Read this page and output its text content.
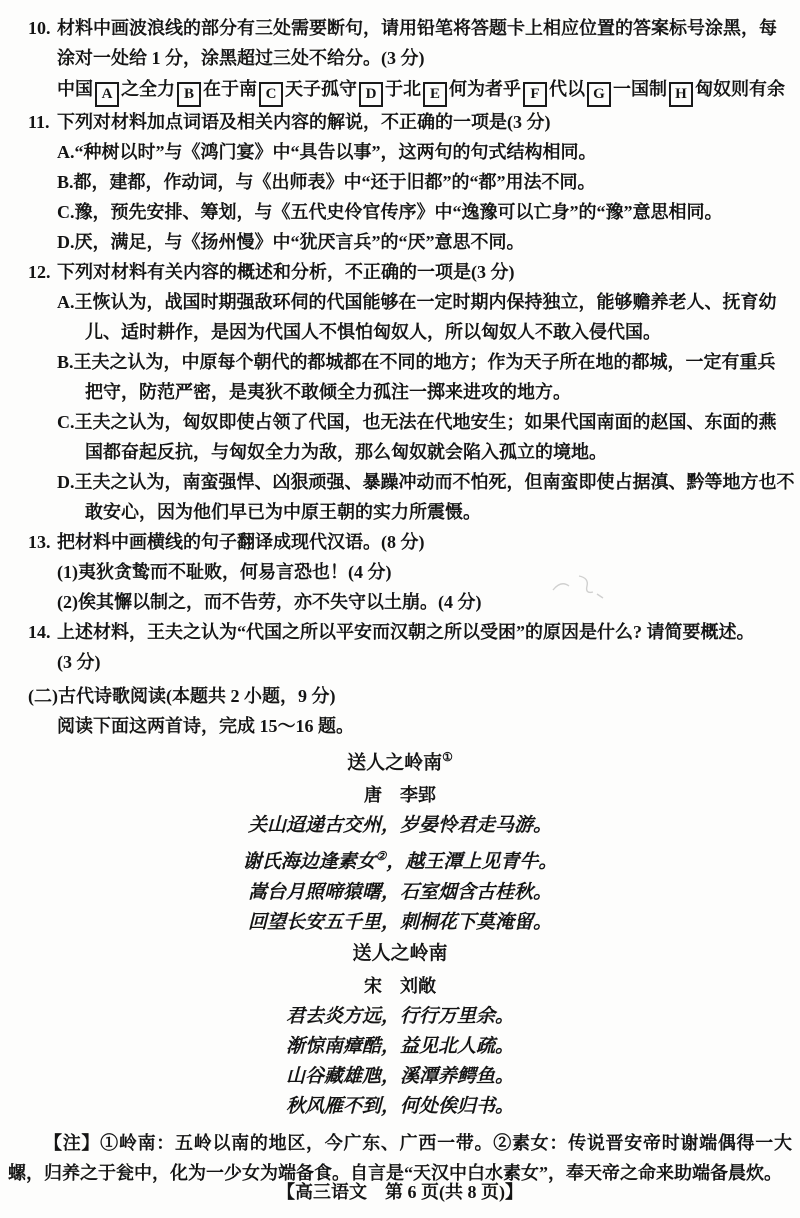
10. 材料中画波浪线的部分有三处需要断句，请用铅笔将答题卡上相应位置的答案标号涂黑，每
涂对一处给 1 分，涂黑超过三处不给分。(3 分)
中国 A 之全力 B 在于南 C 天子孤守 D 于北 E 何为者乎 F 代以 G 一国制 H 匈奴则有余
11. 下列对材料加点词语及相关内容的解说，不正确的一项是(3 分)
A.“种树以时”与《鸿门宴》中“具告以事”，这两句的句式结构相同。
B.都，建都，作动词，与《出师表》中“还于旧都”的“都”用法不同。
C.豫，预先安排、筹划，与《五代史伶官传序》中“逸豫可以亡身”的“豫”意思相同。
D.厌，满足，与《扬州慢》中“犹厌言兵”的“厌”意思不同。
12. 下列对材料有关内容的概述和分析，不正确的一项是(3 分)
A.王恢认为，战国时期强敌环伺的代国能够在一定时期内保持独立，能够赡养老人、抚育幼
儿、适时耕作，是因为代国人不惧怕匈奴人，所以匈奴人不敢入侵代国。
B.王夫之认为，中原每个朝代的都城都在不同的地方；作为天子所在地的都城，一定有重兵
把守，防范严密，是夷狄不敢倾全力孤注一掷来进攻的地方。
C.王夫之认为，匈奴即使占领了代国，也无法在代地安生；如果代国南面的赵国、东面的燕
国都奋起反抗，与匈奴全力为敌，那么匈奴就会陷入孤立的境地。
D.王夫之认为，南蛮强悍、凶狠顽强、暴躁冲动而不怕死，但南蛮即使占据滇、黔等地方也不
敢安心，因为他们早已为中原王朝的实力所震慑。
13. 把材料中画横线的句子翻译成现代汉语。(8 分)
(1)夷狄贪鸷而不耻败，何易言恐也！(4 分)
(2)俟其懈以制之，而不告劳，亦不失守以土崩。(4 分)
14. 上述材料，王夫之认为“代国之所以平安而汉朝之所以受困”的原因是什么? 请简要概述。
(3 分)
(二)古代诗歌阅读(本题共 2 小题，9 分)
阅读下面这两首诗，完成 15～16 题。
送人之岭南①
唐　李郢
关山迢递古交州，岁晏怜君走马游。
谢氏海边逢素女②，越王潭上见青牛。
嵩台月照啼猿曙，石室烟含古桂秋。
回望长安五千里，刺桐花下莫淹留。
送人之岭南
宋　刘敞
君去炎方远，行行万里余。
渐惊南瘴酷，益见北人疏。
山谷藏雄虺，溪潭养鳄鱼。
秋风雁不到，何处俟归书。
【注】①岭南：五岭以南的地区，今广东、广西一带。②素女：传说晋安帝时谢端偶得一大螺，归养之于瓮中，化为一少女为端备食。自言是“天汉中白水素女”，奉天帝之命来助端备晨炊。
【高三语文　第 6 页(共 8 页)】
